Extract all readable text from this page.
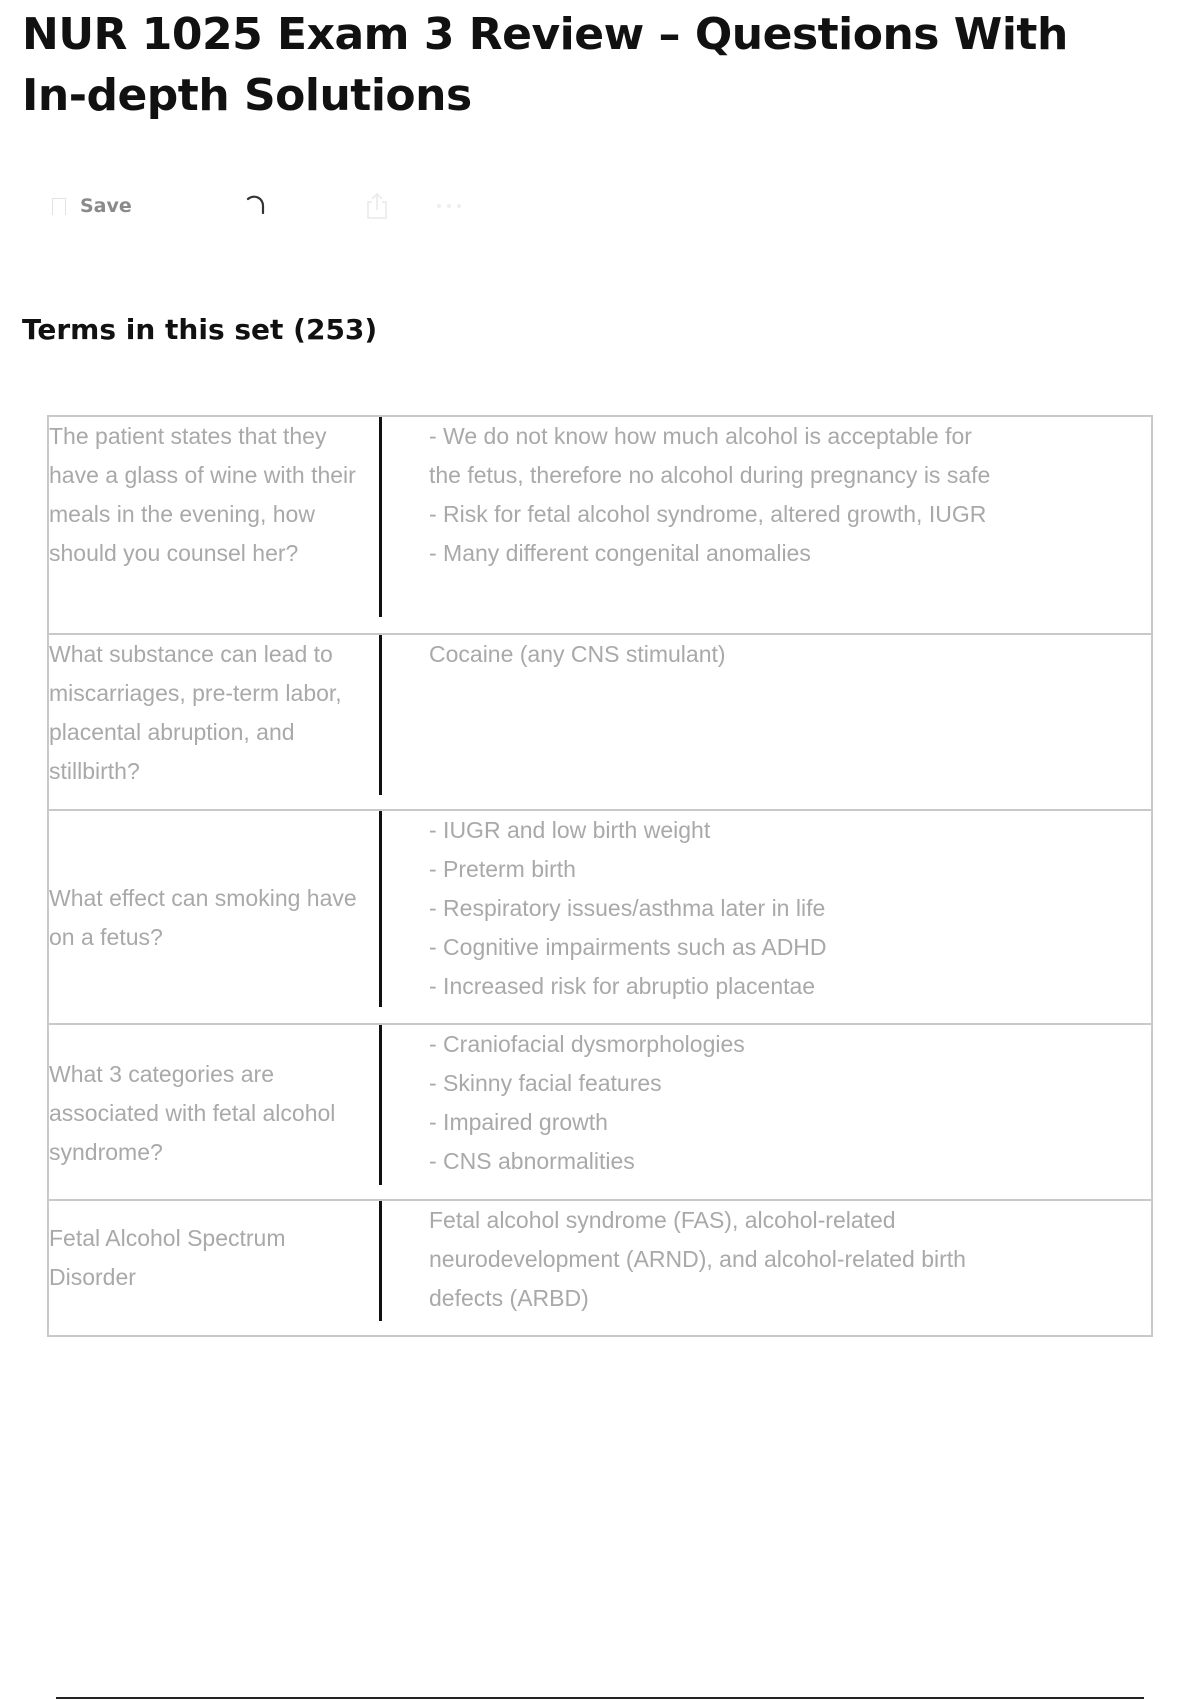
NUR 1025 Exam 3 Review – Questions With In-depth Solutions
Save
Terms in this set (253)
The patient states that they have a glass of wine with their meals in the evening, how should you counsel her?
- We do not know how much alcohol is acceptable for
the fetus, therefore no alcohol during pregnancy is safe
- Risk for fetal alcohol syndrome, altered growth, IUGR
- Many different congenital anomalies
What substance can lead to miscarriages, pre-term labor, placental abruption, and stillbirth?
Cocaine (any CNS stimulant)
What effect can smoking have on a fetus?
- IUGR and low birth weight
- Preterm birth
- Respiratory issues/asthma later in life
- Cognitive impairments such as ADHD
- Increased risk for abruptio placentae
What 3 categories are associated with fetal alcohol syndrome?
- Craniofacial dysmorphologies
- Skinny facial features
- Impaired growth
- CNS abnormalities
Fetal Alcohol Spectrum Disorder
Fetal alcohol syndrome (FAS), alcohol-related
neurodevelopment (ARND), and alcohol-related birth
defects (ARBD)
